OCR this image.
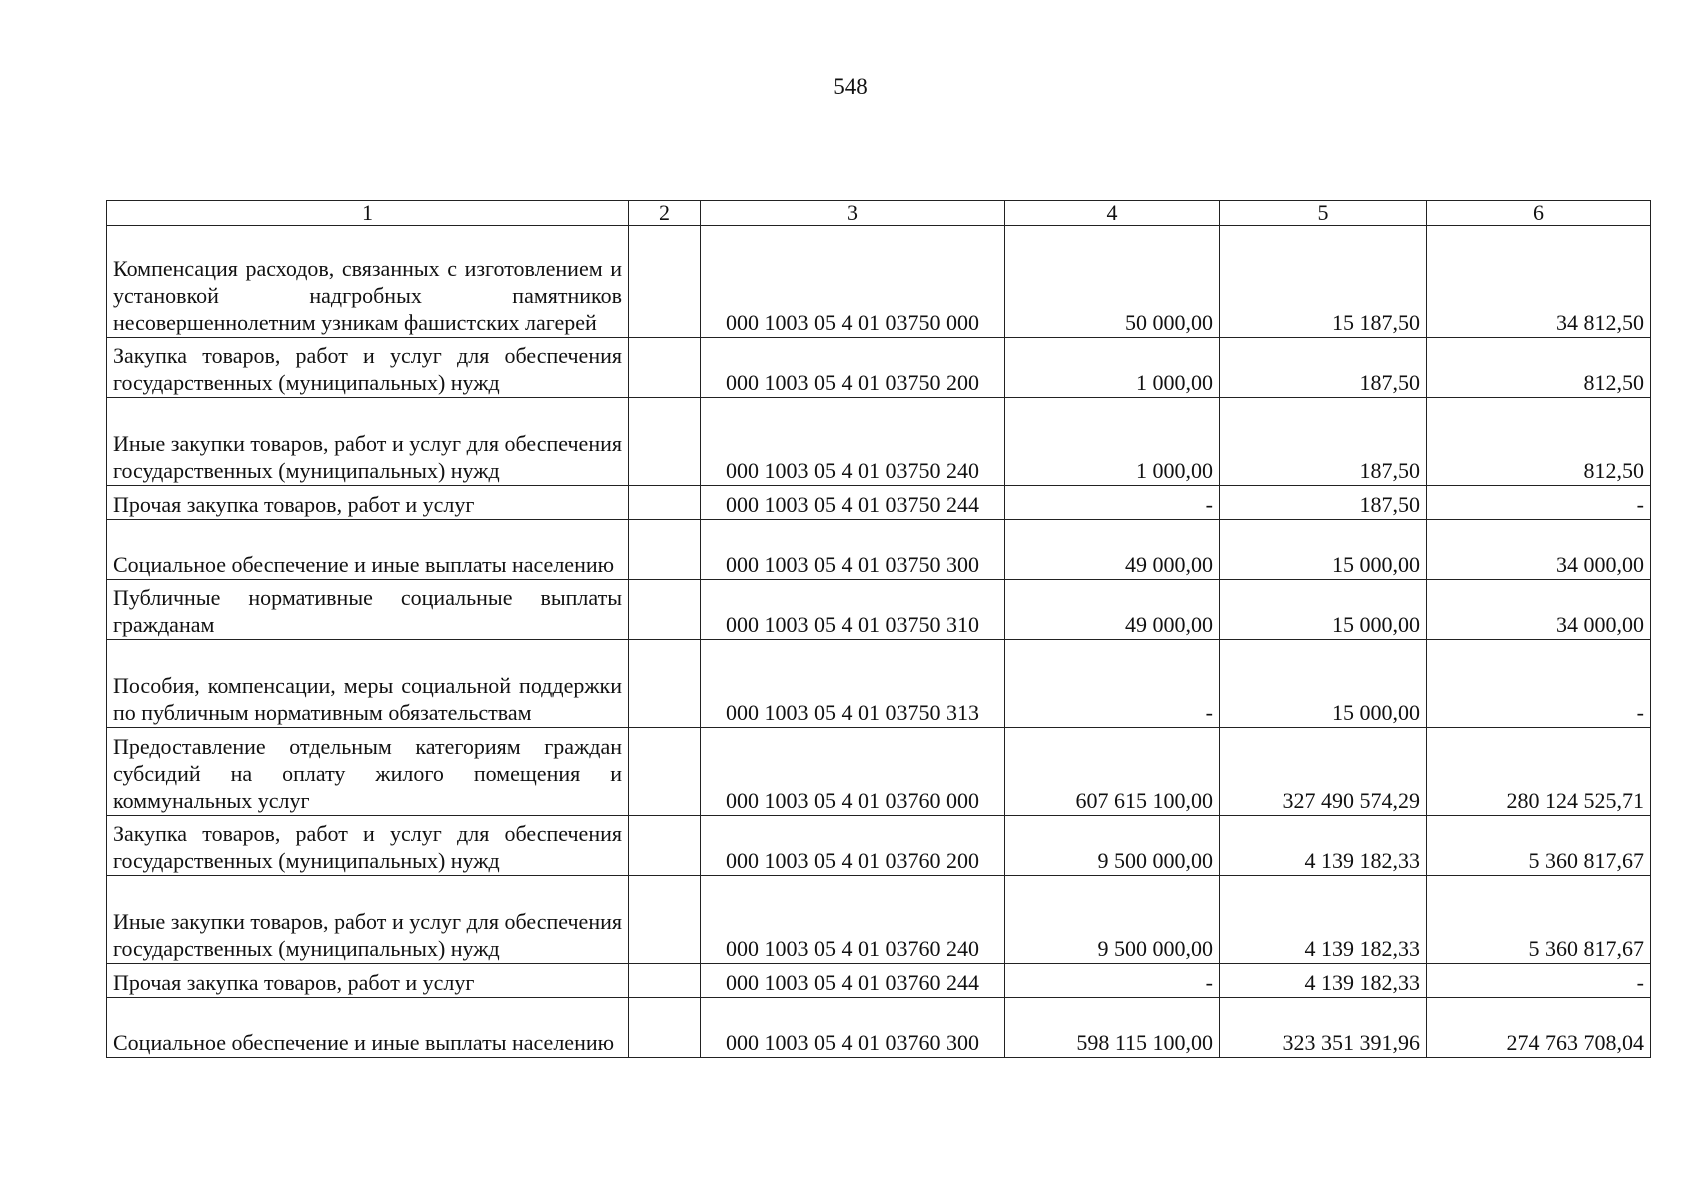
548
1	2	3	4	5	6
Компенсация расходов, связанных с изготовлением и установкой надгробных памятников несовершеннолетним узникам фашистских лагерей		000 1003 05 4 01 03750 000	50 000,00	15 187,50	34 812,50
Закупка товаров, работ и услуг для обеспечения государственных (муниципальных) нужд		000 1003 05 4 01 03750 200	1 000,00	187,50	812,50
Иные закупки товаров, работ и услуг для обеспечения государственных (муниципальных) нужд		000 1003 05 4 01 03750 240	1 000,00	187,50	812,50
Прочая закупка товаров, работ и услуг		000 1003 05 4 01 03750 244	-	187,50	-
Социальное обеспечение и иные выплаты населению		000 1003 05 4 01 03750 300	49 000,00	15 000,00	34 000,00
Публичные нормативные социальные выплаты гражданам		000 1003 05 4 01 03750 310	49 000,00	15 000,00	34 000,00
Пособия, компенсации, меры социальной поддержки по публичным нормативным обязательствам		000 1003 05 4 01 03750 313	-	15 000,00	-
Предоставление отдельным категориям граждан субсидий на оплату жилого помещения и коммунальных услуг		000 1003 05 4 01 03760 000	607 615 100,00	327 490 574,29	280 124 525,71
Закупка товаров, работ и услуг для обеспечения государственных (муниципальных) нужд		000 1003 05 4 01 03760 200	9 500 000,00	4 139 182,33	5 360 817,67
Иные закупки товаров, работ и услуг для обеспечения государственных (муниципальных) нужд		000 1003 05 4 01 03760 240	9 500 000,00	4 139 182,33	5 360 817,67
Прочая закупка товаров, работ и услуг		000 1003 05 4 01 03760 244	-	4 139 182,33	-
Социальное обеспечение и иные выплаты населению		000 1003 05 4 01 03760 300	598 115 100,00	323 351 391,96	274 763 708,04
